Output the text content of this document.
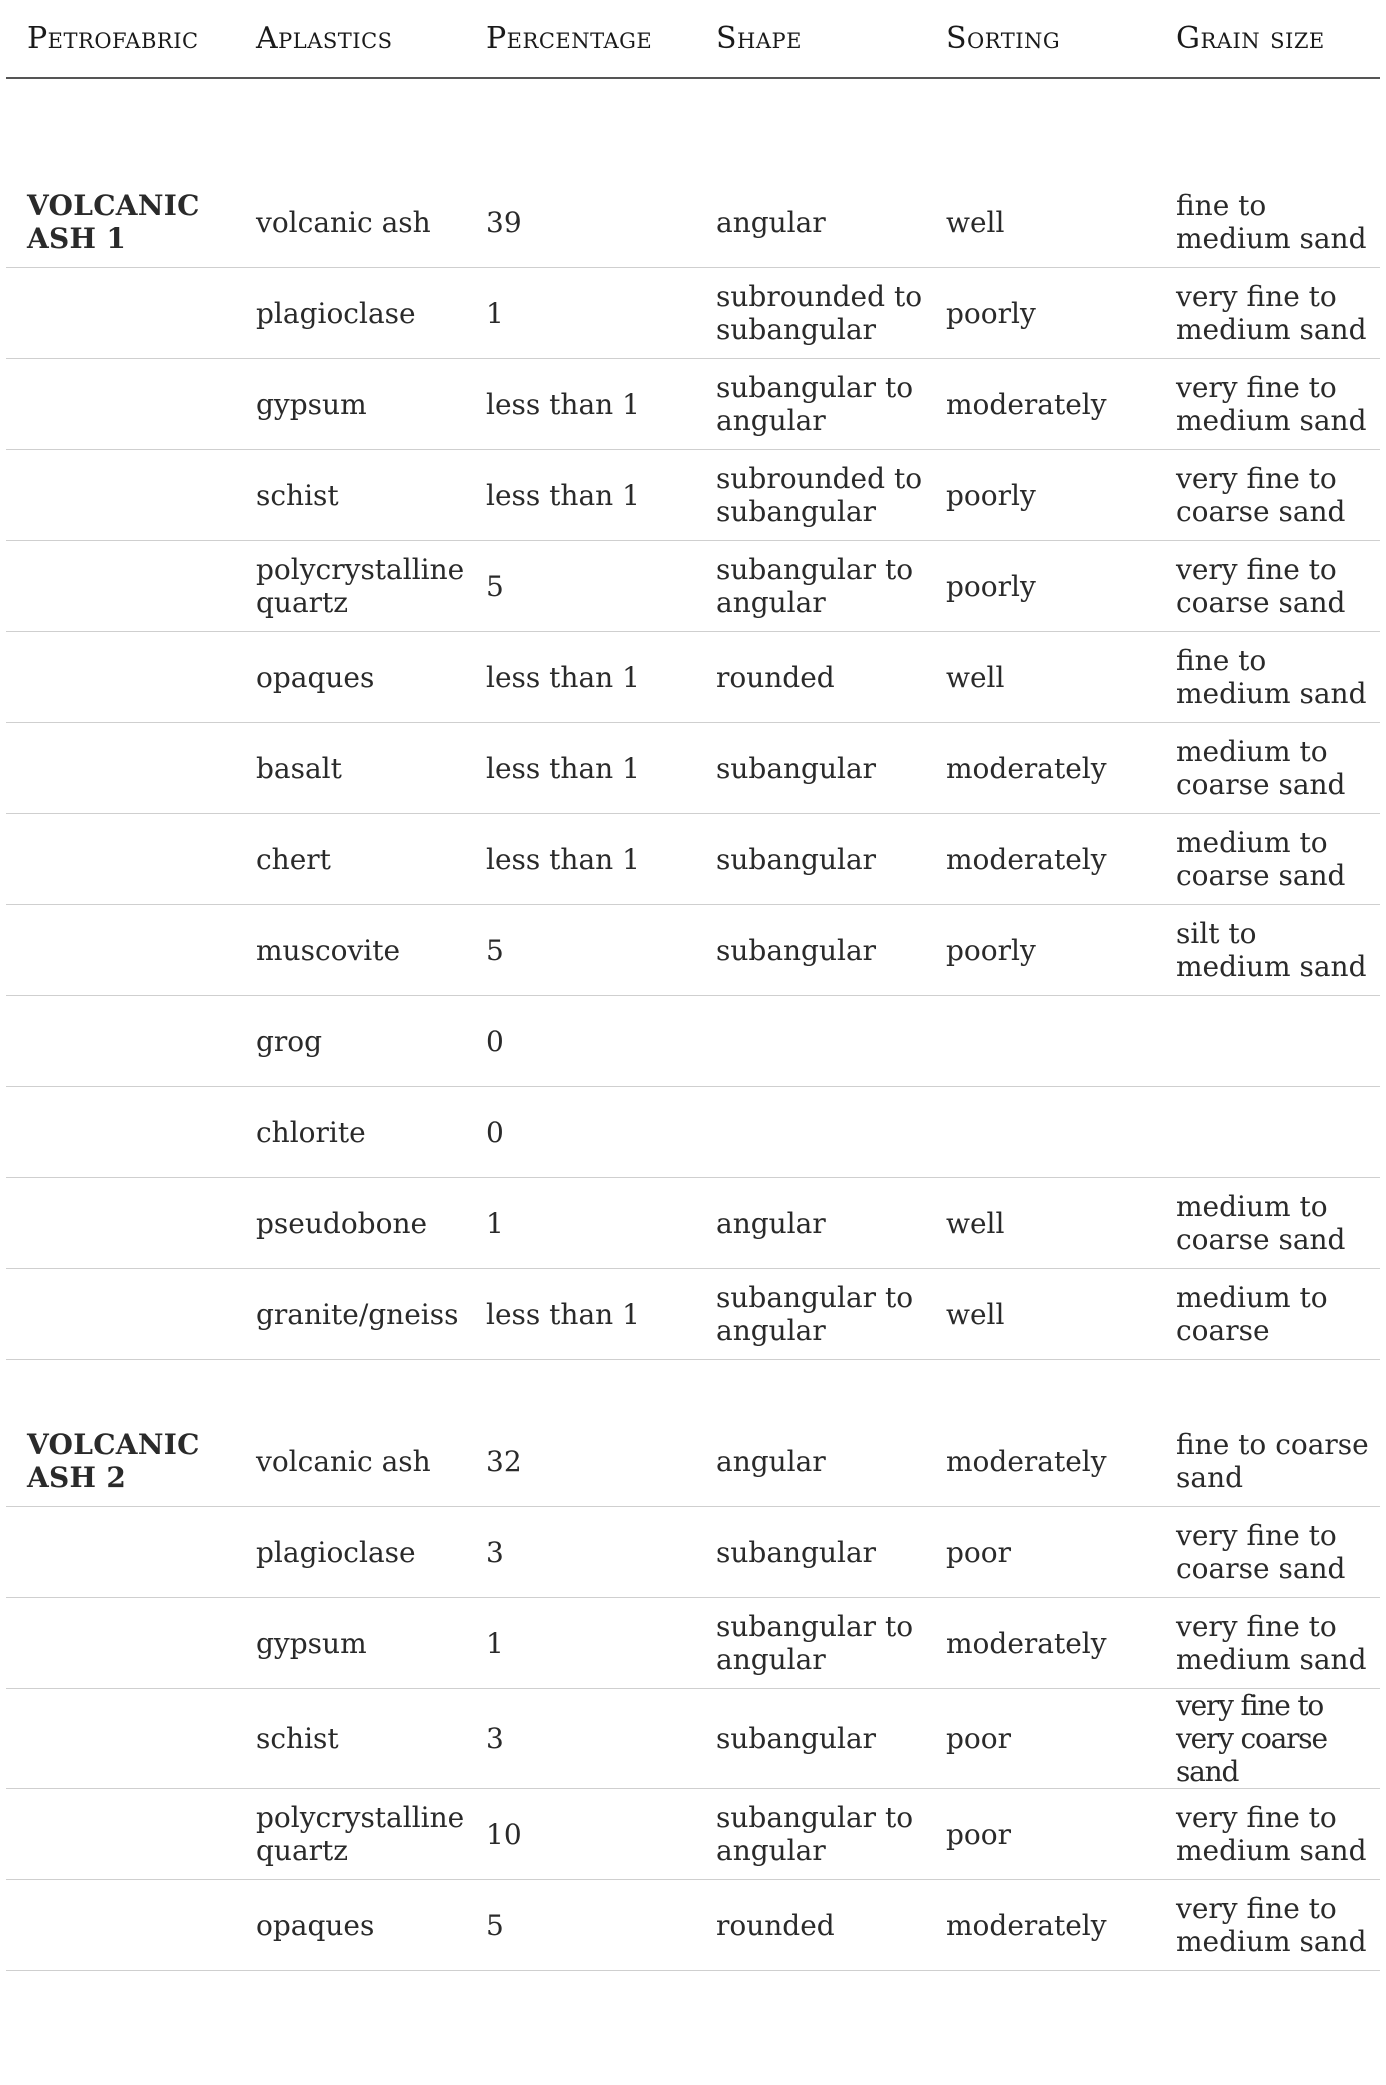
Petrofabric	Aplastics	Percentage	Shape	Sorting	Grain size

VOLCANIC ASH 1	volcanic ash	39	angular	well	fine to medium sand
	plagioclase	1	subrounded to subangular	poorly	very fine to medium sand
	gypsum	less than 1	subangular to angular	moderately	very fine to medium sand
	schist	less than 1	subrounded to subangular	poorly	very fine to coarse sand
	polycrystalline quartz	5	subangular to angular	poorly	very fine to coarse sand
	opaques	less than 1	rounded	well	fine to medium sand
	basalt	less than 1	subangular	moderately	medium to coarse sand
	chert	less than 1	subangular	moderately	medium to coarse sand
	muscovite	5	subangular	poorly	silt to medium sand
	grog	0			
	chlorite	0			
	pseudobone	1	angular	well	medium to coarse sand
	granite/gneiss	less than 1	subangular to angular	well	medium to coarse

VOLCANIC ASH 2	volcanic ash	32	angular	moderately	fine to coarse sand
	plagioclase	3	subangular	poor	very fine to coarse sand
	gypsum	1	subangular to angular	moderately	very fine to medium sand
	schist	3	subangular	poor	very fine to very coarse sand
	polycrystalline quartz	10	subangular to angular	poor	very fine to medium sand
	opaques	5	rounded	moderately	very fine to medium sand
